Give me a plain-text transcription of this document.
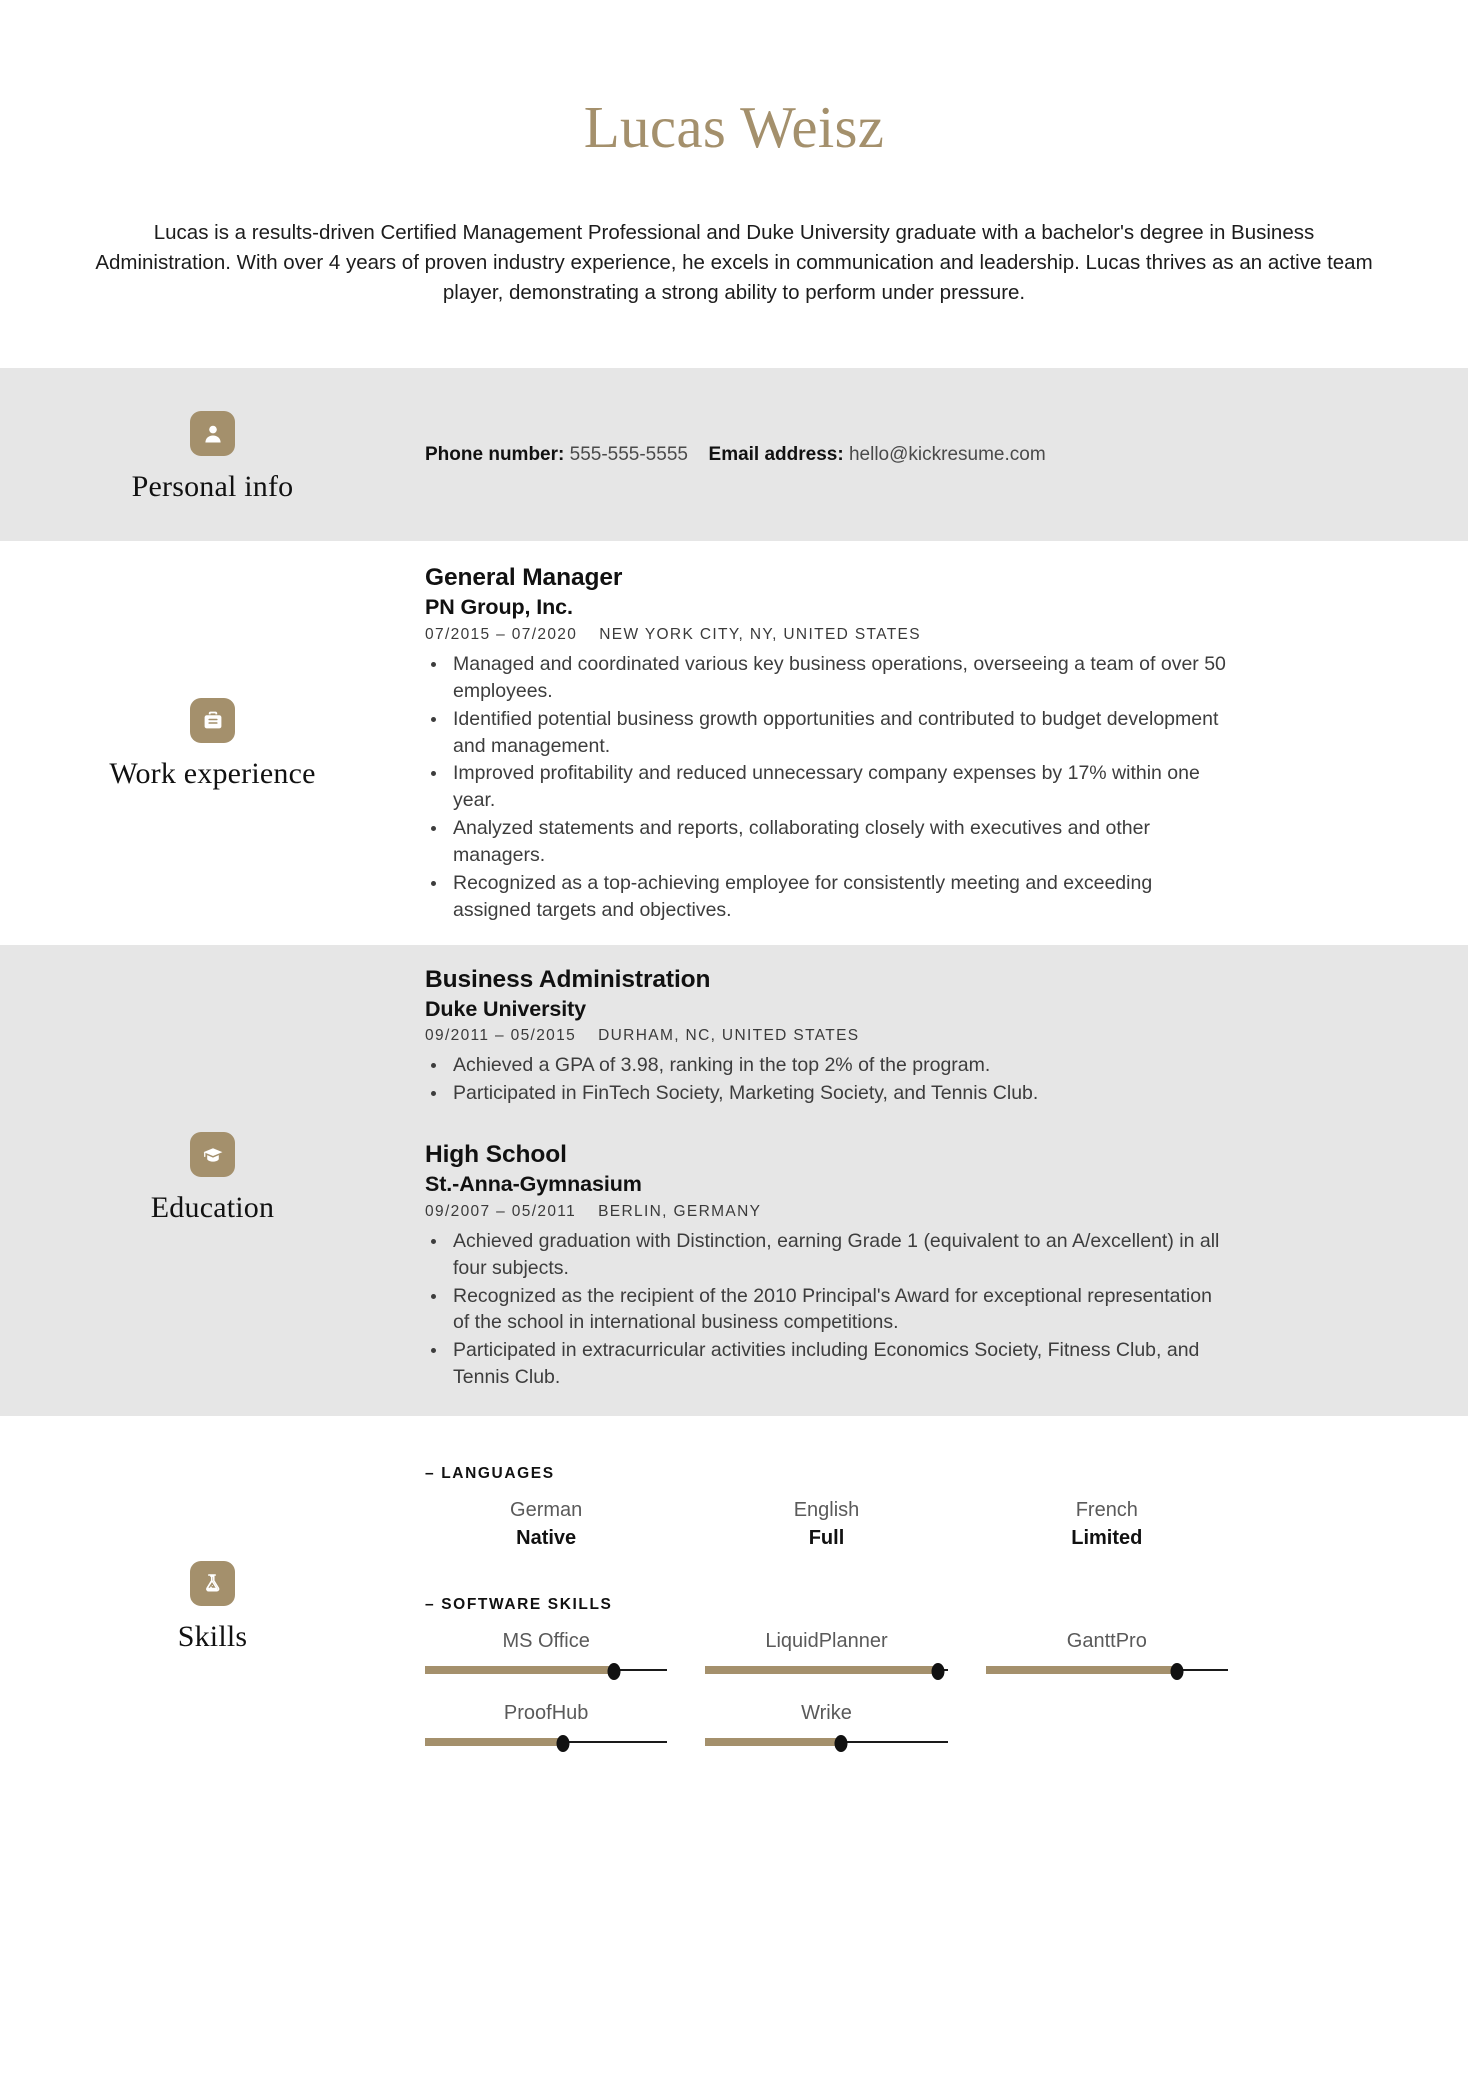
Lucas Weisz

Lucas is a results-driven Certified Management Professional and Duke University graduate with a bachelor's degree in Business Administration. With over 4 years of proven industry experience, he excels in communication and leadership. Lucas thrives as an active team player, demonstrating a strong ability to perform under pressure.

Personal info
Phone number: 555-555-5555 Email address: hello@kickresume.com
Work experience
General Manager
PN Group, Inc.
07/2015 – 07/2020 NEW YORK CITY, NY, UNITED STATES
Managed and coordinated various key business operations, overseeing a team of over 50 employees.
Identified potential business growth opportunities and contributed to budget development and management.
Improved profitability and reduced unnecessary company expenses by 17% within one year.
Analyzed statements and reports, collaborating closely with executives and other managers.
Recognized as a top-achieving employee for consistently meeting and exceeding assigned targets and objectives.
Education
Business Administration
Duke University
09/2011 – 05/2015 DURHAM, NC, UNITED STATES
Achieved a GPA of 3.98, ranking in the top 2% of the program.
Participated in FinTech Society, Marketing Society, and Tennis Club.
High School
St.-Anna-Gymnasium
09/2007 – 05/2011 BERLIN, GERMANY
Achieved graduation with Distinction, earning Grade 1 (equivalent to an A/excellent) in all four subjects.
Recognized as the recipient of the 2010 Principal's Award for exceptional representation of the school in international business competitions.
Participated in extracurricular activities including Economics Society, Fitness Club, and Tennis Club.
Skills
– LANGUAGES
German
Native
English
Full
French
Limited
– SOFTWARE SKILLS
MS Office	LiquidPlanner	GanttPro
ProofHub	Wrike
